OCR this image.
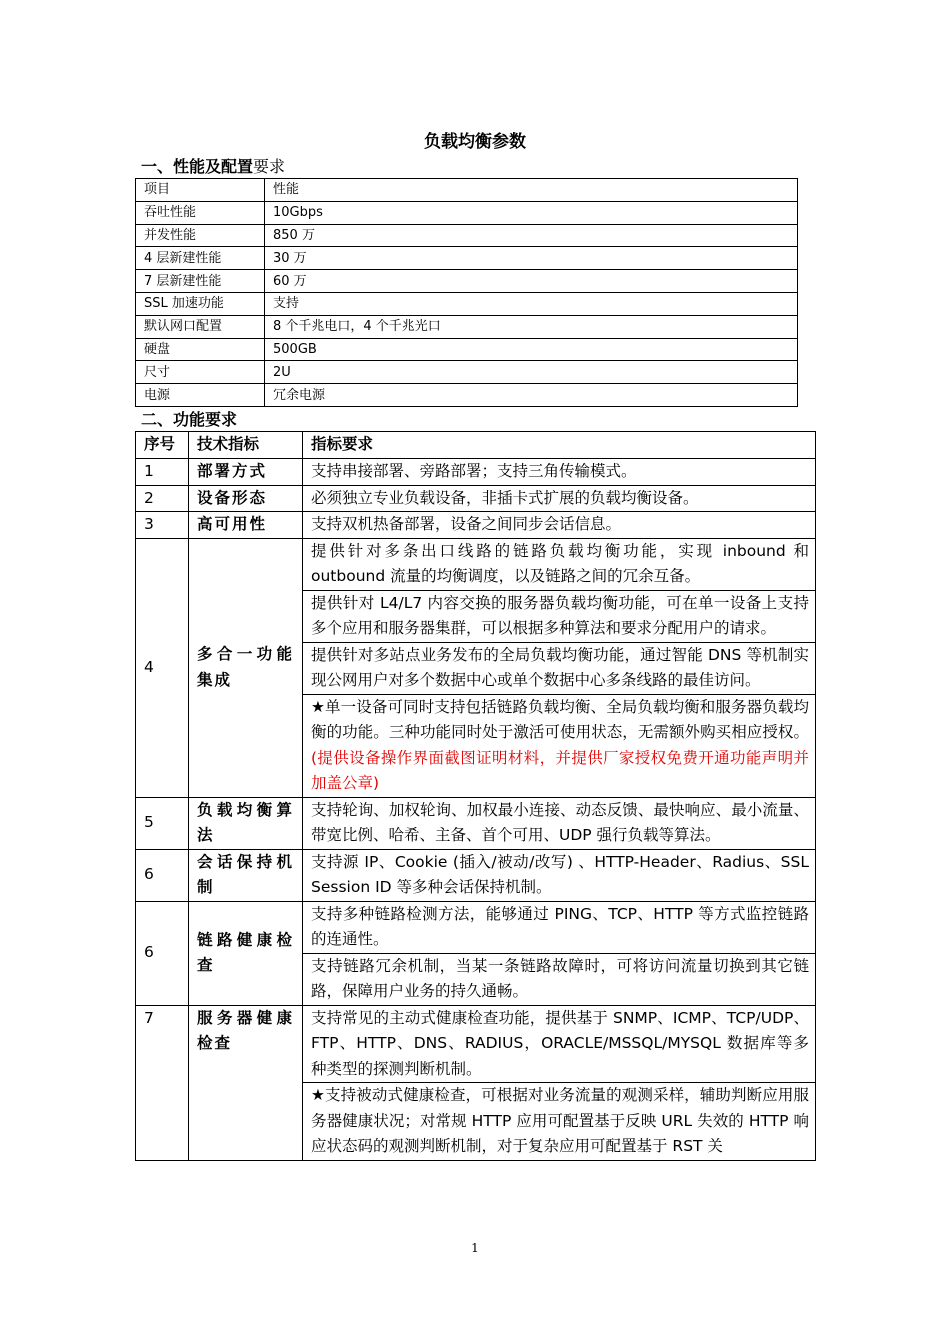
负载均衡参数
一、性能及配置要求
项目	性能
吞吐性能	10Gbps
并发性能	850 万
4 层新建性能	30 万
7 层新建性能	60 万
SSL 加速功能	支持
默认网口配置	8 个千兆电口，4 个千兆光口
硬盘	500GB
尺寸	2U
电源	冗余电源
二、功能要求
序号	技术指标	指标要求
1	部署方式	支持串接部署、旁路部署；支持三角传输模式。
2	设备形态	必须独立专业负载设备，非插卡式扩展的负载均衡设备。
3	高可用性	支持双机热备部署，设备之间同步会话信息。
4	多合一功能集成	提供针对多条出口线路的链路负载均衡功能，实现 inbound 和 outbound 流量的均衡调度，以及链路之间的冗余互备。
		提供针对 L4/L7 内容交换的服务器负载均衡功能，可在单一设备上支持多个应用和服务器集群，可以根据多种算法和要求分配用户的请求。
		提供针对多站点业务发布的全局负载均衡功能，通过智能 DNS 等机制实现公网用户对多个数据中心或单个数据中心多条线路的最佳访问。
		★单一设备可同时支持包括链路负载均衡、全局负载均衡和服务器负载均衡的功能。三种功能同时处于激活可使用状态，无需额外购买相应授权。(提供设备操作界面截图证明材料，并提供厂家授权免费开通功能声明并加盖公章)
5	负载均衡算法	支持轮询、加权轮询、加权最小连接、动态反馈、最快响应、最小流量、带宽比例、哈希、主备、首个可用、UDP 强行负载等算法。
6	会话保持机制	支持源 IP、Cookie (插入/被动/改写) 、HTTP-Header、Radius、SSL Session ID 等多种会话保持机制。
6	链路健康检查	支持多种链路检测方法，能够通过 PING、TCP、HTTP 等方式监控链路的连通性。
		支持链路冗余机制，当某一条链路故障时，可将访问流量切换到其它链路，保障用户业务的持久通畅。
7	服务器健康检查	支持常见的主动式健康检查功能，提供基于 SNMP、ICMP、TCP/UDP、FTP、HTTP、DNS、RADIUS，ORACLE/MSSQL/MYSQL 数据库等多种类型的探测判断机制。
		★支持被动式健康检查，可根据对业务流量的观测采样，辅助判断应用服务器健康状况；对常规 HTTP 应用可配置基于反映 URL 失效的 HTTP 响应状态码的观测判断机制，对于复杂应用可配置基于 RST 关
1
